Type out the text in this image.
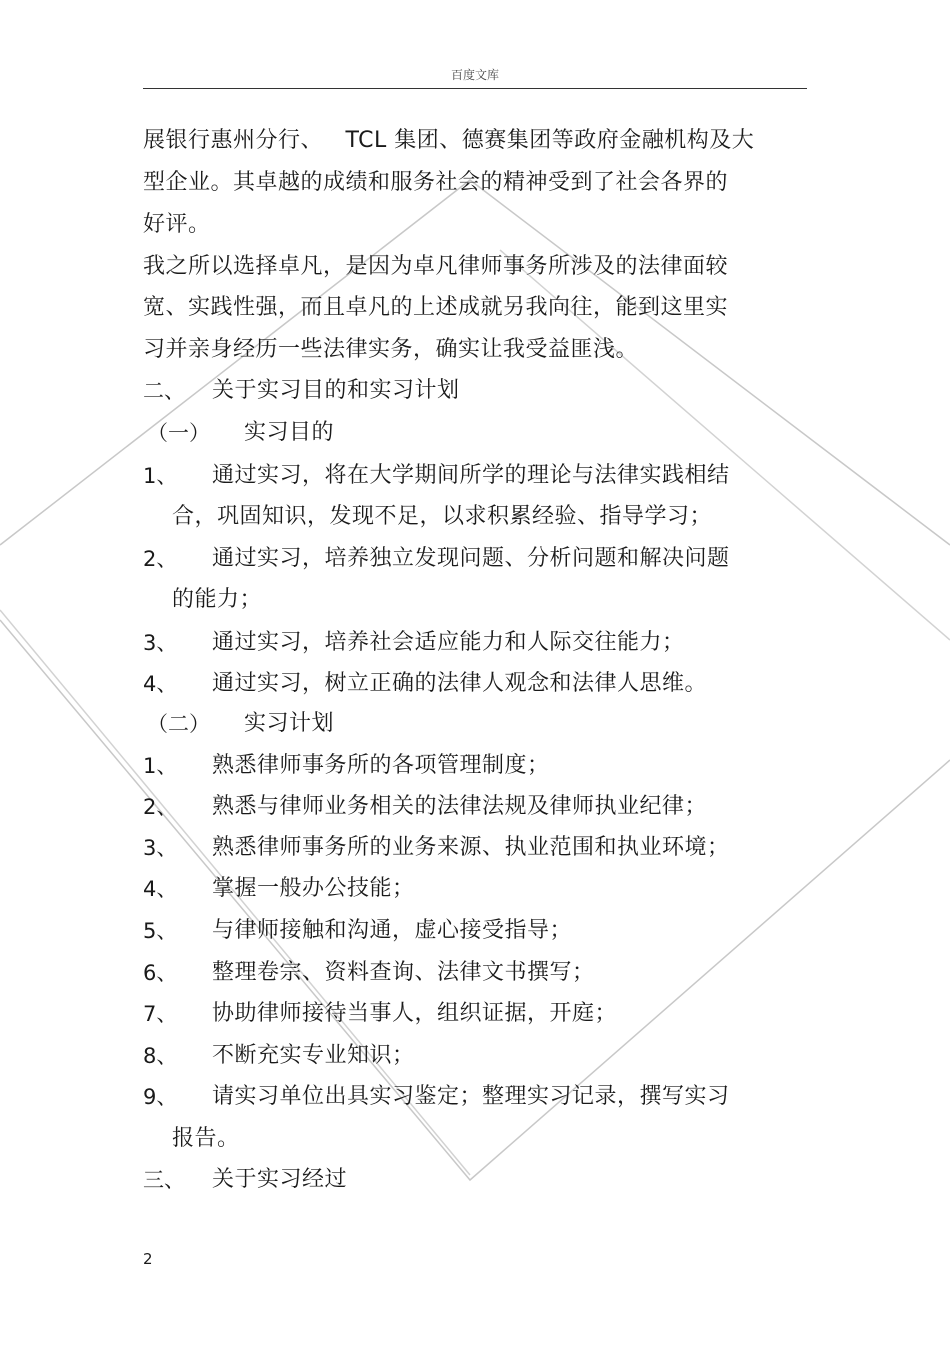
百度文库
展银行惠州分行、   TCL 集团、德赛集团等政府金融机构及大
型企业。其卓越的成绩和服务社会的精神受到了社会各界的
好评。
我之所以选择卓凡，是因为卓凡律师事务所涉及的法律面较
宽、实践性强，而且卓凡的上述成就另我向往，能到这里实
习并亲身经历一些法律实务，确实让我受益匪浅。
二、 关于实习目的和实习计划
（一） 实习目的
1、 通过实习，将在大学期间所学的理论与法律实践相结
合，巩固知识，发现不足，以求积累经验、指导学习；
2、 通过实习，培养独立发现问题、分析问题和解决问题
的能力；
3、 通过实习，培养社会适应能力和人际交往能力；
4、 通过实习，树立正确的法律人观念和法律人思维。
（二） 实习计划
1、 熟悉律师事务所的各项管理制度；
2、 熟悉与律师业务相关的法律法规及律师执业纪律；
3、 熟悉律师事务所的业务来源、执业范围和执业环境；
4、 掌握一般办公技能；
5、 与律师接触和沟通，虚心接受指导；
6、 整理卷宗、资料查询、法律文书撰写；
7、 协助律师接待当事人，组织证据，开庭；
8、 不断充实专业知识；
9、 请实习单位出具实习鉴定；整理实习记录，撰写实习
报告。
三、 关于实习经过
2
